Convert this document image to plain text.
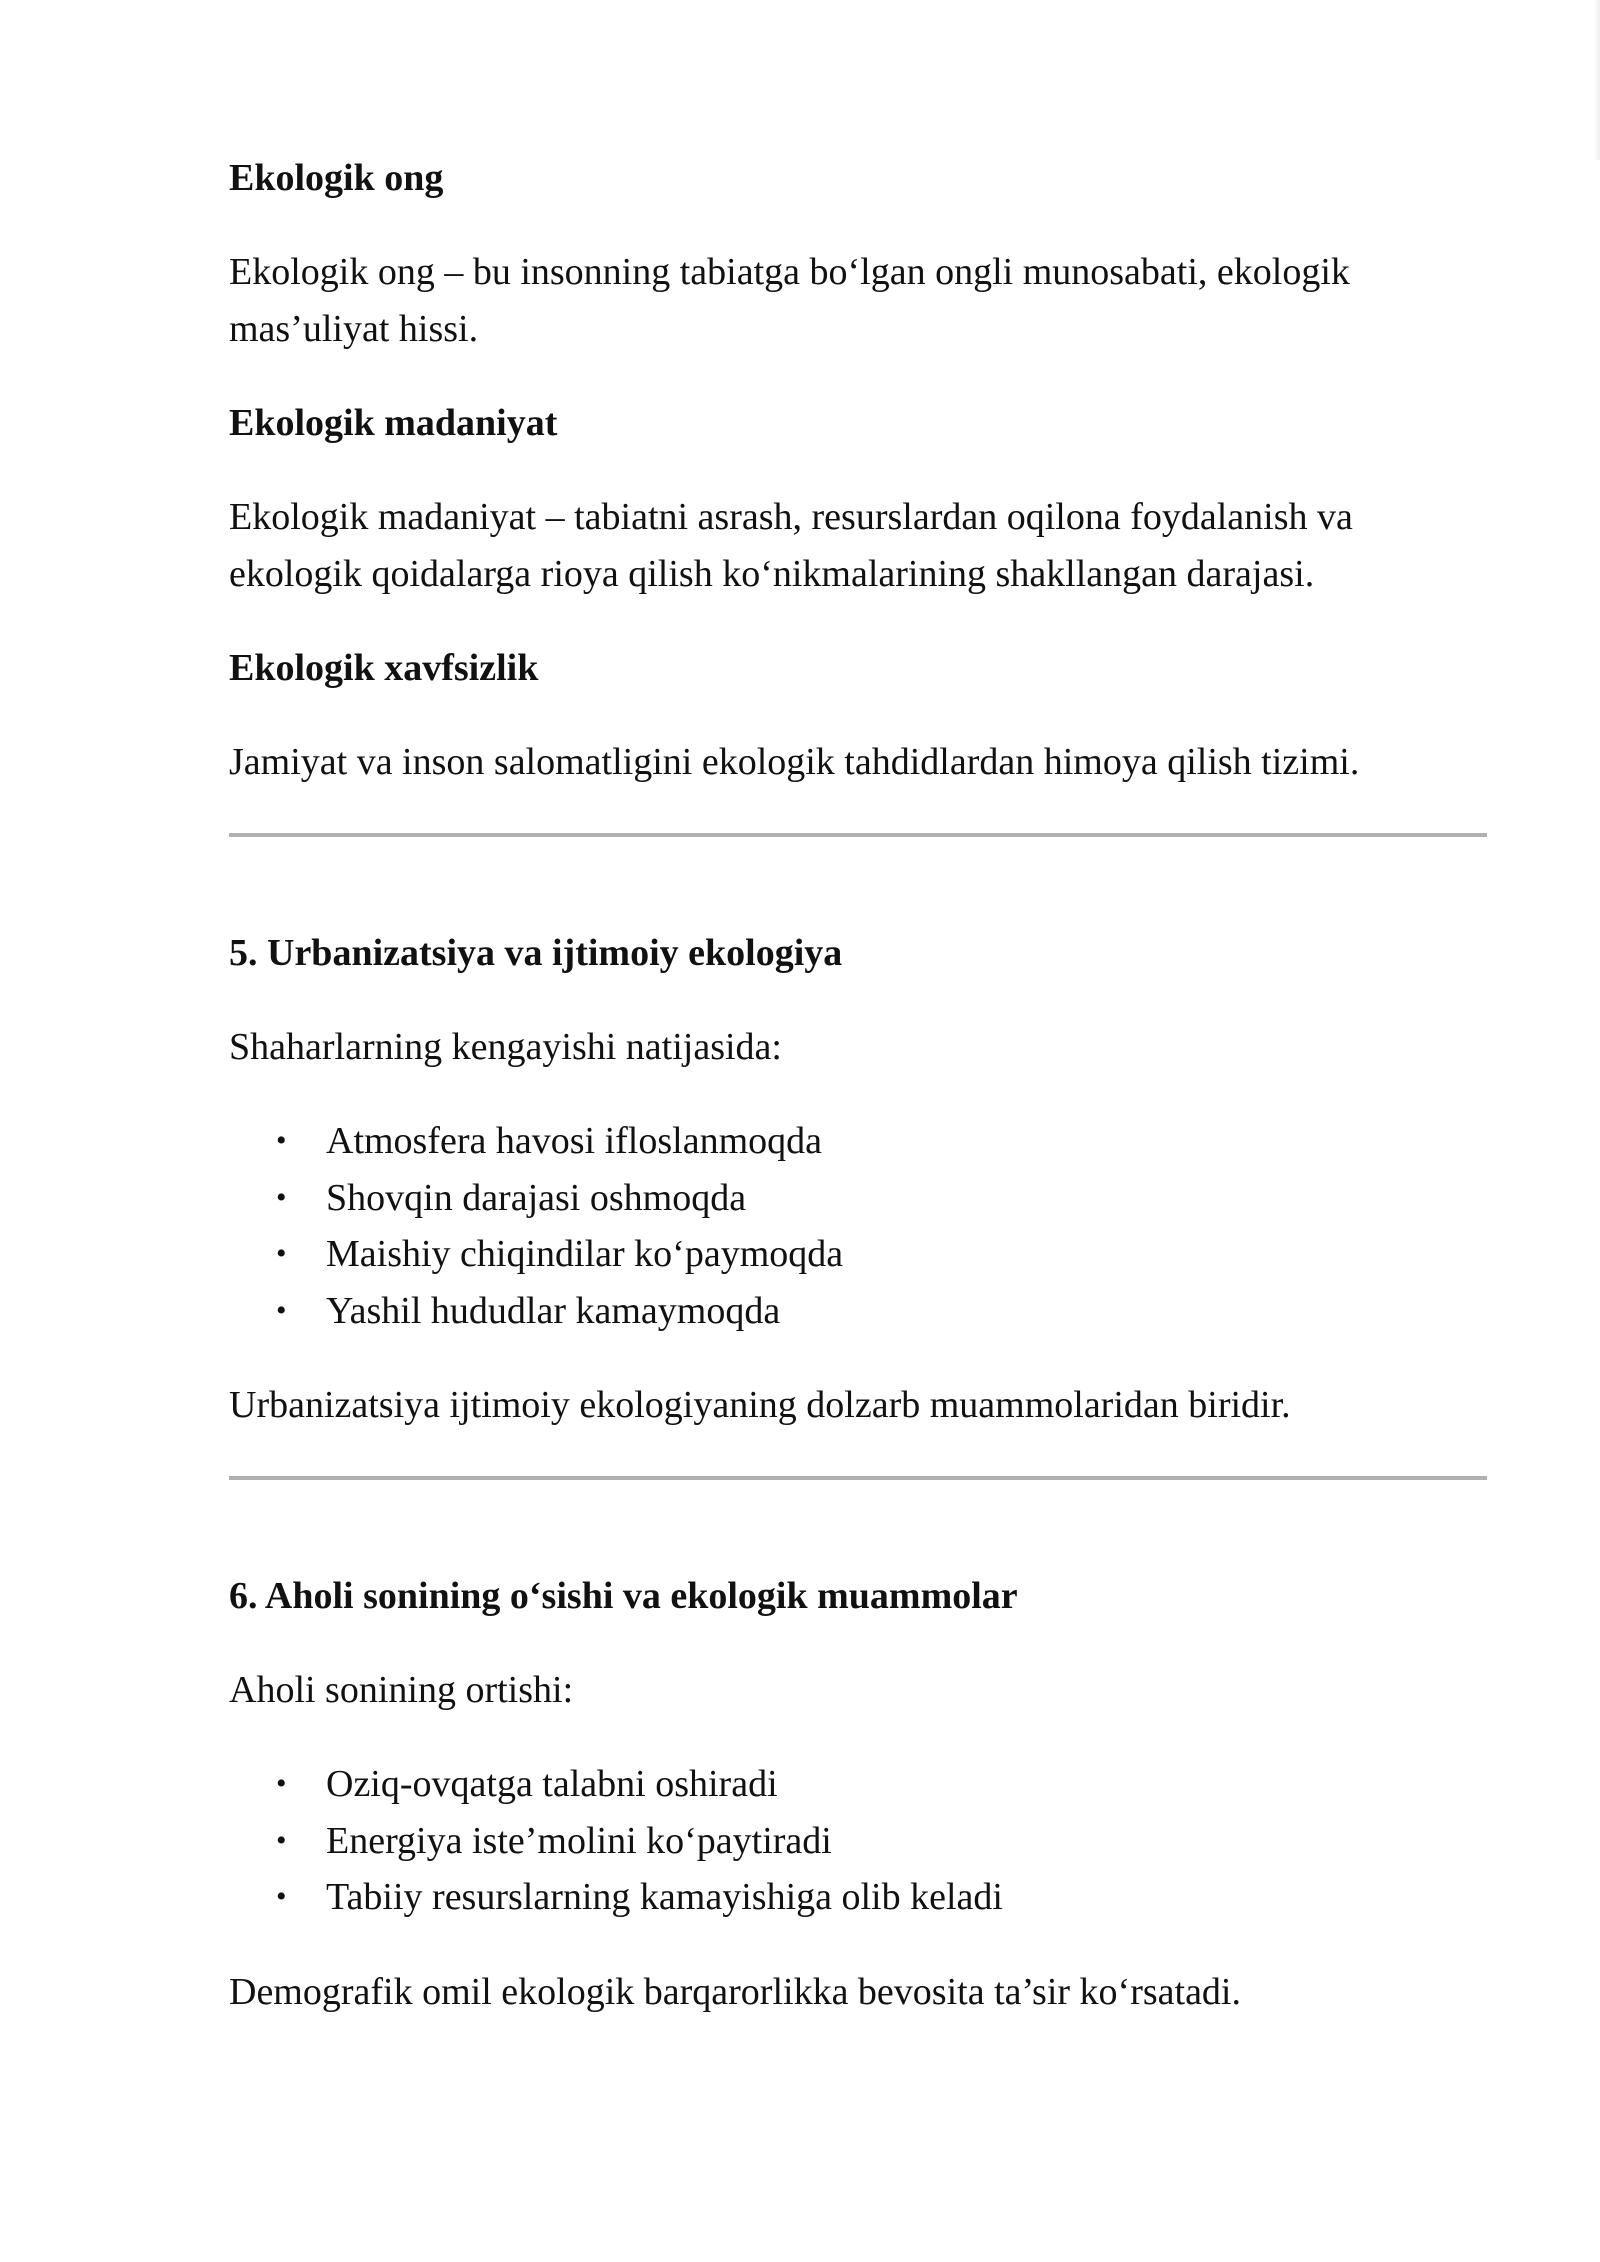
Ekologik ong

Ekologik ong – bu insonning tabiatga bo‘lgan ongli munosabati, ekologik mas’uliyat hissi.

Ekologik madaniyat

Ekologik madaniyat – tabiatni asrash, resurslardan oqilona foydalanish va ekologik qoidalarga rioya qilish ko‘nikmalarining shakllangan darajasi.

Ekologik xavfsizlik

Jamiyat va inson salomatligini ekologik tahdidlardan himoya qilish tizimi.

5. Urbanizatsiya va ijtimoiy ekologiya

Shaharlarning kengayishi natijasida:

• Atmosfera havosi ifloslanmoqda
• Shovqin darajasi oshmoqda
• Maishiy chiqindilar ko‘paymoqda
• Yashil hududlar kamaymoqda

Urbanizatsiya ijtimoiy ekologiyaning dolzarb muammolaridan biridir.

6. Aholi sonining o‘sishi va ekologik muammolar

Aholi sonining ortishi:

• Oziq-ovqatga talabni oshiradi
• Energiya iste’molini ko‘paytiradi
• Tabiiy resurslarning kamayishiga olib keladi

Demografik omil ekologik barqarorlikka bevosita ta’sir ko‘rsatadi.
